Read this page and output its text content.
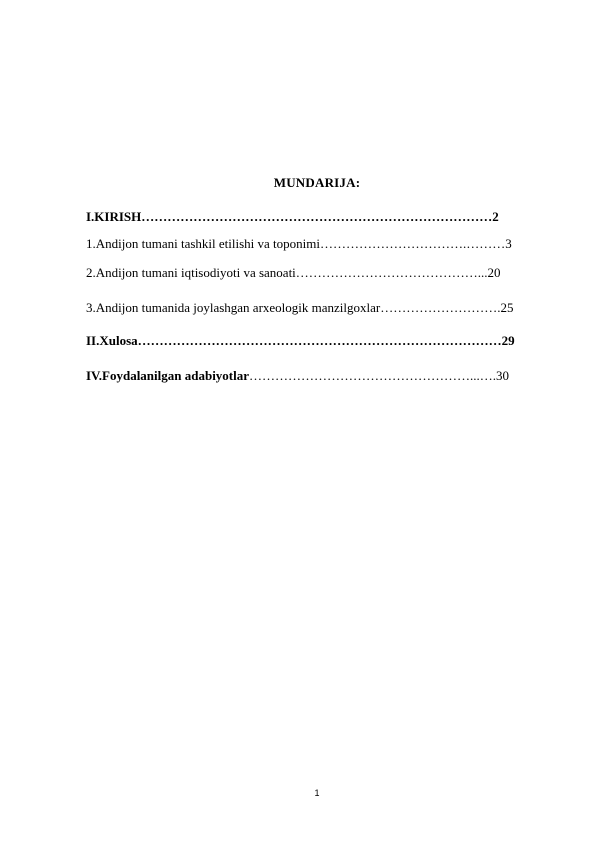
MUNDARIJA:
I.KIRISH………………………………………………………………………2
1.Andijon tumani tashkil etilishi va toponimi…………………………….………3
2.Andijon tumani iqtisodiyoti va sanoati……………………………………...20
3.Andijon tumanida joylashgan arxeologik manzilgoxlar……………………….25
II.Xulosa…………………………………………………………………………29
IV.Foydalanilgan adabiyotlar……………………………………………...….30
1
